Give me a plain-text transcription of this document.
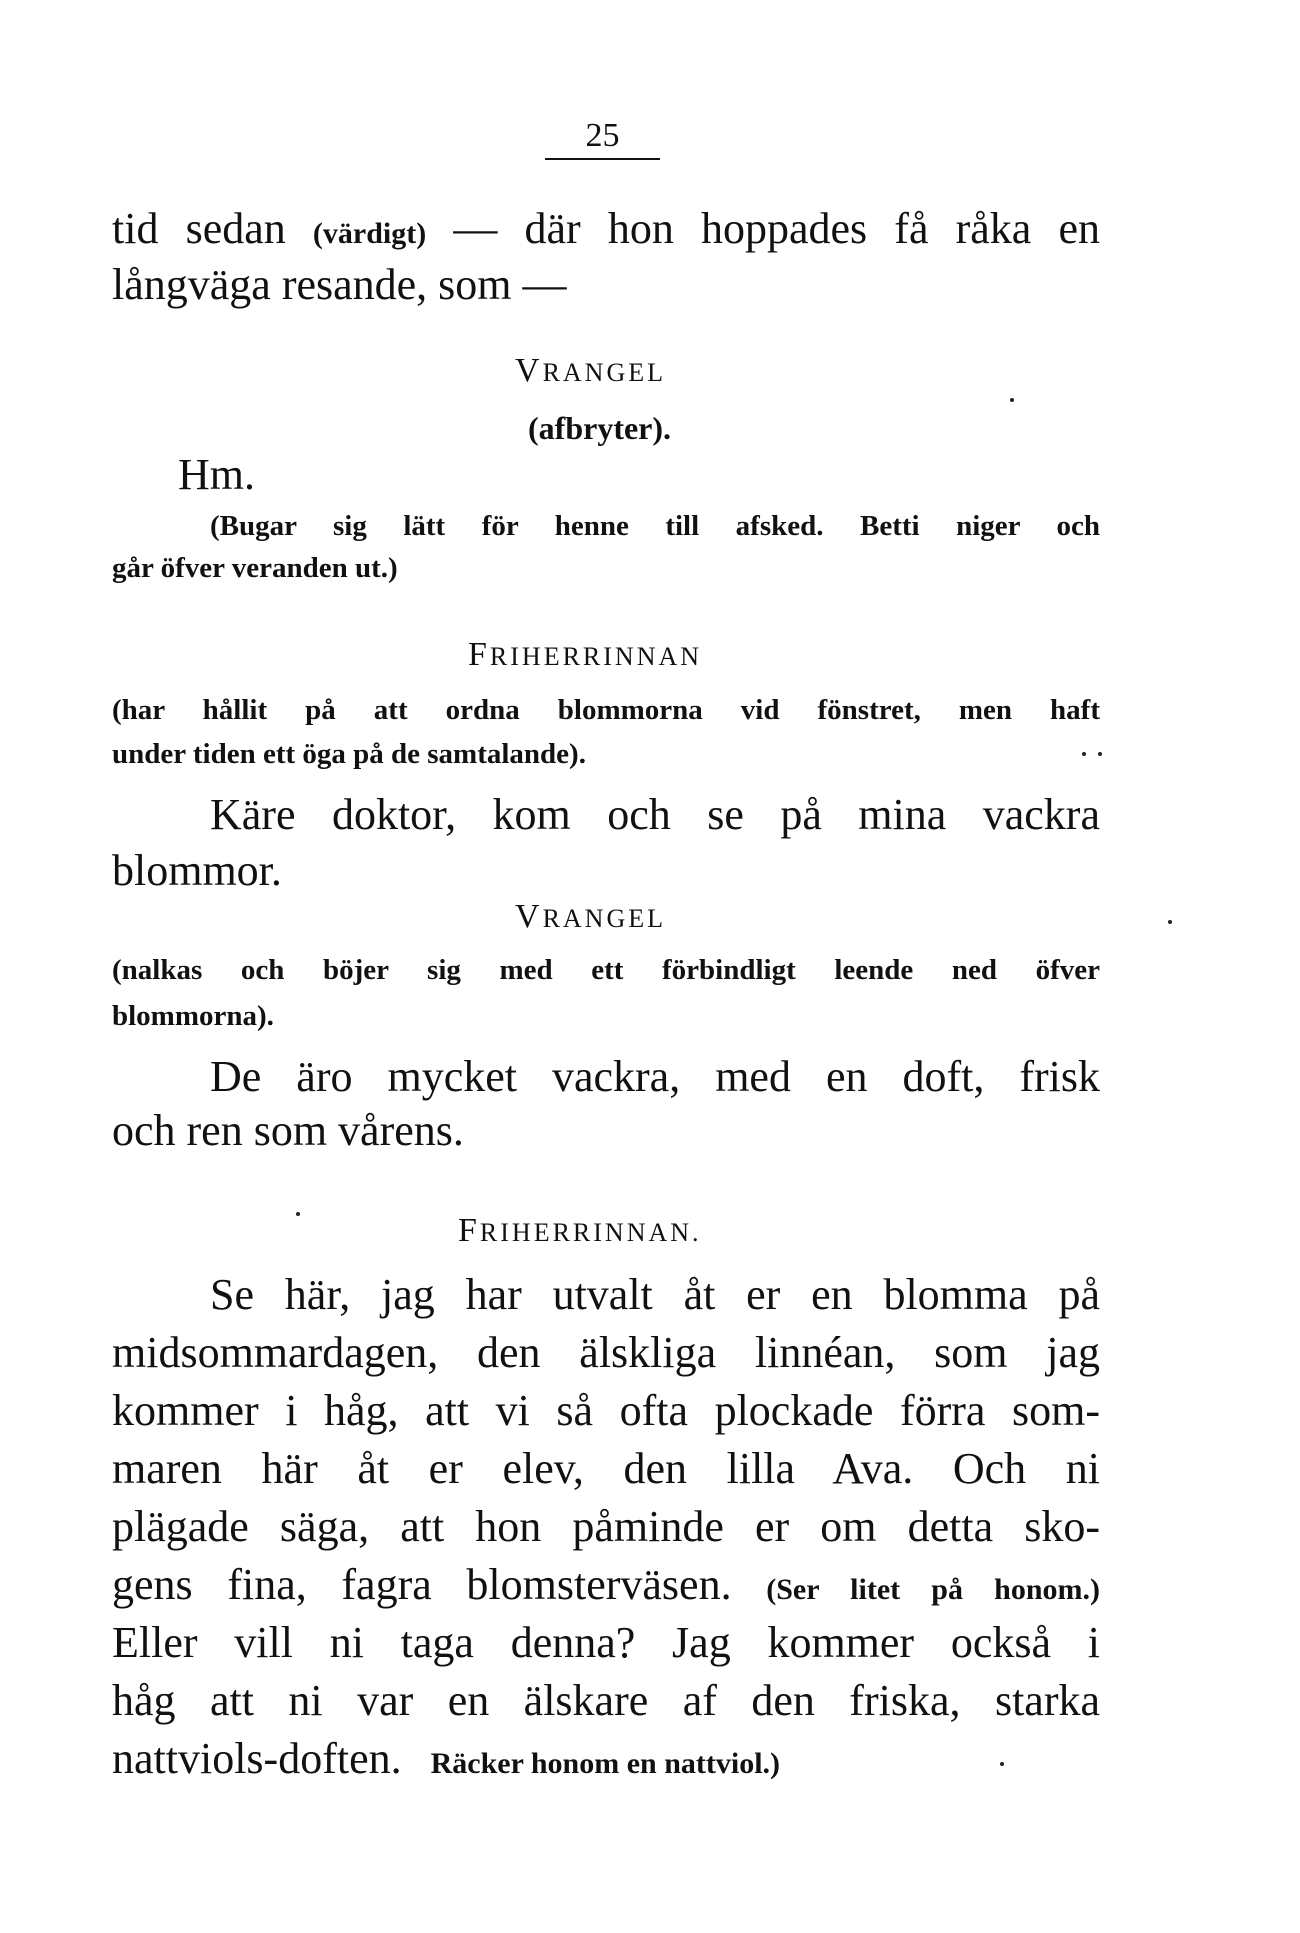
25
tid sedan (värdigt) — där hon hoppades få råka en
långväga resande, som —
VRANGEL
(afbryter).
Hm.
(Bugar sig lätt för henne till afsked. Betti niger och
går öfver veranden ut.)
FRIHERRINNAN
(har hållit på att ordna blommorna vid fönstret, men haft
under tiden ett öga på de samtalande).
Käre doktor, kom och se på mina vackra
blommor.
VRANGEL
(nalkas och böjer sig med ett förbindligt leende ned öfver
blommorna).
De äro mycket vackra, med en doft, frisk
och ren som vårens.
FRIHERRINNAN.
Se här, jag har utvalt åt er en blomma på
midsommardagen, den älskliga linnéan, som jag
kommer i håg, att vi så ofta plockade förra som-
maren här åt er elev, den lilla Ava. Och ni
plägade säga, att hon påminde er om detta sko-
gens fina, fagra blomsterväsen. (Ser litet på honom.)
Eller vill ni taga denna? Jag kommer också i
håg att ni var en älskare af den friska, starka
nattviols-doften. Räcker honom en nattviol.)
